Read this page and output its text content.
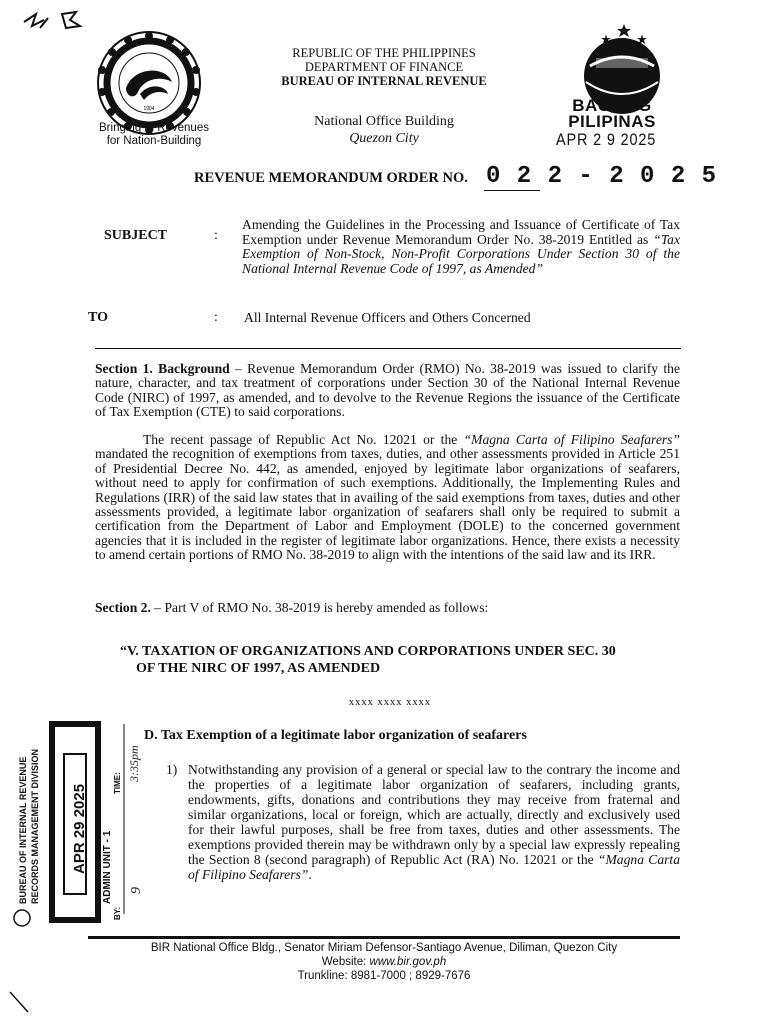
1904
Bringing In Revenues
for Nation-Building
REPUBLIC OF THE PHILIPPINES
DEPARTMENT OF FINANCE
BUREAU OF INTERNAL REVENUE
National Office Building
Quezon City
BAGONG
PILIPINAS
APR 2 9 2025
REVENUE MEMORANDUM ORDER NO. 0 2 2 - 2 0 2 5
SUBJECT	:
Amending the Guidelines in the Processing and Issuance of Certificate of Tax Exemption under Revenue Memorandum Order No. 38-2019 Entitled as “Tax Exemption of Non-Stock, Non-Profit Corporations Under Section 30 of the National Internal Revenue Code of 1997, as Amended”
TO	: All Internal Revenue Officers and Others Concerned
Section 1. Background – Revenue Memorandum Order (RMO) No. 38-2019 was issued to clarify the nature, character, and tax treatment of corporations under Section 30 of the National Internal Revenue Code (NIRC) of 1997, as amended, and to devolve to the Revenue Regions the issuance of the Certificate of Tax Exemption (CTE) to said corporations.
The recent passage of Republic Act No. 12021 or the “Magna Carta of Filipino Seafarers” mandated the recognition of exemptions from taxes, duties, and other assessments provided in Article 251 of Presidential Decree No. 442, as amended, enjoyed by legitimate labor organizations of seafarers, without need to apply for confirmation of such exemptions. Additionally, the Implementing Rules and Regulations (IRR) of the said law states that in availing of the said exemptions from taxes, duties and other assessments provided, a legitimate labor organization of seafarers shall only be required to submit a certification from the Department of Labor and Employment (DOLE) to the concerned government agencies that it is included in the register of legitimate labor organizations. Hence, there exists a necessity to amend certain portions of RMO No. 38-2019 to align with the intentions of the said law and its IRR.
Section 2. – Part V of RMO No. 38-2019 is hereby amended as follows:
“V. TAXATION OF ORGANIZATIONS AND CORPORATIONS UNDER SEC. 30
OF THE NIRC OF 1997, AS AMENDED
xxxx xxxx xxxx
D. Tax Exemption of a legitimate labor organization of seafarers
1) Notwithstanding any provision of a general or special law to the contrary the income and the properties of a legitimate labor organization of seafarers, including grants, endowments, gifts, donations and contributions they may receive from fraternal and similar organizations, local or foreign, which are actually, directly and exclusively used for their lawful purposes, shall be free from taxes, duties and other assessments. The exemptions provided therein may be withdrawn only by a special law expressly repealing the Section 8 (second paragraph) of Republic Act (RA) No. 12021 or the “Magna Carta of Filipino Seafarers”.
BUREAU OF INTERNAL REVENUE RECORDS MANAGEMENT DIVISION APR 29 2025 ADMIN UNIT - 1
TIME:
BY:
3:35pm
9
BIR National Office Bldg., Senator Miriam Defensor-Santiago Avenue, Diliman, Quezon City
Website: www.bir.gov.ph
Trunkline: 8981-7000 ; 8929-7676
